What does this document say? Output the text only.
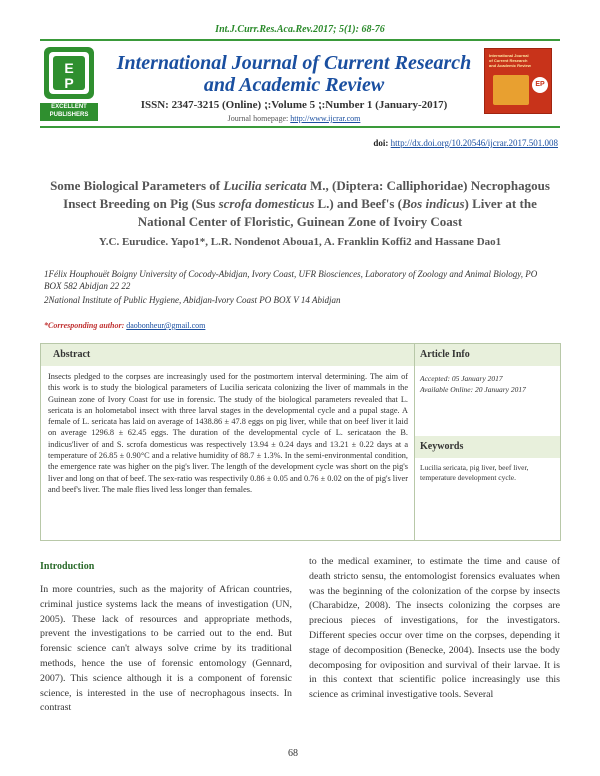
Int.J.Curr.Res.Aca.Rev.2017; 5(1): 68-76
E
P
EXCELLENT PUBLISHERS
International Journal of Current Research and Academic Review
ISSN: 2347-3215 (Online) ⁏:Volume 5 ⁏:Number 1 (January-2017)
Journal homepage: http://www.ijcrar.com
International Journal of Current Research and Academic Review
EP
doi: http://dx.doi.org/10.20546/ijcrar.2017.501.008
Some Biological Parameters of Lucilia sericata M., (Diptera: Calliphoridae) Necrophagous Insect Breeding on Pig (Sus scrofa domesticus L.) and Beef's (Bos indicus) Liver at the National Center of Floristic, Guinean Zone of Ivoiry Coast
Y.C. Eurudice. Yapo1*, L.R. Nondenot Aboua1, A. Franklin Koffi2 and Hassane Dao1
1Félix Houphouët Boigny University of Cocody-Abidjan, Ivory Coast, UFR Biosciences, Laboratory of Zoology and Animal Biology, PO BOX 582 Abidjan 22 22
2National Institute of Public Hygiene, Abidjan-Ivory Coast PO BOX V 14 Abidjan
*Corresponding author: daobonheur@gmail.com
Abstract	Article Info
Insects pledged to the corpses are increasingly used for the postmortem interval determining. The aim of this work is to study the biological parameters of Lucilia sericata colonizing the liver of mammals in the Guinean zone of Ivory Coast for use in forensic. The study of the biological parameters revealed that L. sericata is an holometabol insect with three larval stages in the developmental cycle and a pupal stage. A female of L. sericata has laid on average of 1438.86 ± 47.8 eggs on pig liver, while that on beef liver it laid on average 1296.8 ± 62.45 eggs. The duration of the developmental cycle of L. sericataon the B. indicus'liver of and S. scrofa domesticus was respectively 13.94 ± 0.24 days and 13.21 ± 0.22 days at a temperature of 26.85 ± 0.90°C and a relative humidity of 88.7 ± 1.3%. In the semi-environmental condition, the emergence rate was higher on the pig's liver. The length of the development cycle was short on the pig's liver and long on that of beef. The sex-ratio was respectivily 0.86 ± 0.05 and 0.76 ± 0.02 on the of pig's liver and beef's liver. The male flies lived less longer than females.
Accepted: 05 January 2017
Available Online: 20 January 2017
Keywords
Lucilia sericata, pig liver, beef liver, temperature development cycle.
Introduction
In more countries, such as the majority of African countries, criminal justice systems lack the means of investigation (UN, 2005). These lack of resources and appropriate methods, prevent the investigations to be carried out to the end. But forensic science can't always solve crime by its traditional methods, hence the use of forensic entomology (Gennard, 2007). This science although it is a component of forensic science, is interested in the use of necrophagous insects. In contrast
to the medical examiner, to estimate the time and cause of death stricto sensu, the entomologist forensics evaluates when was the beginning of the colonization of the corpse by insects (Charabidze, 2008). The insects colonizing the corpses are precious pieces of investigations, for the investigators. Different species occur over time on the corpses, depending it stage of decomposition (Benecke, 2004). Insects use the body decomposing for oviposition and survival of their larvae. It is in this context that scientific police increasingly use this science as criminal investigative tools. Several
68
